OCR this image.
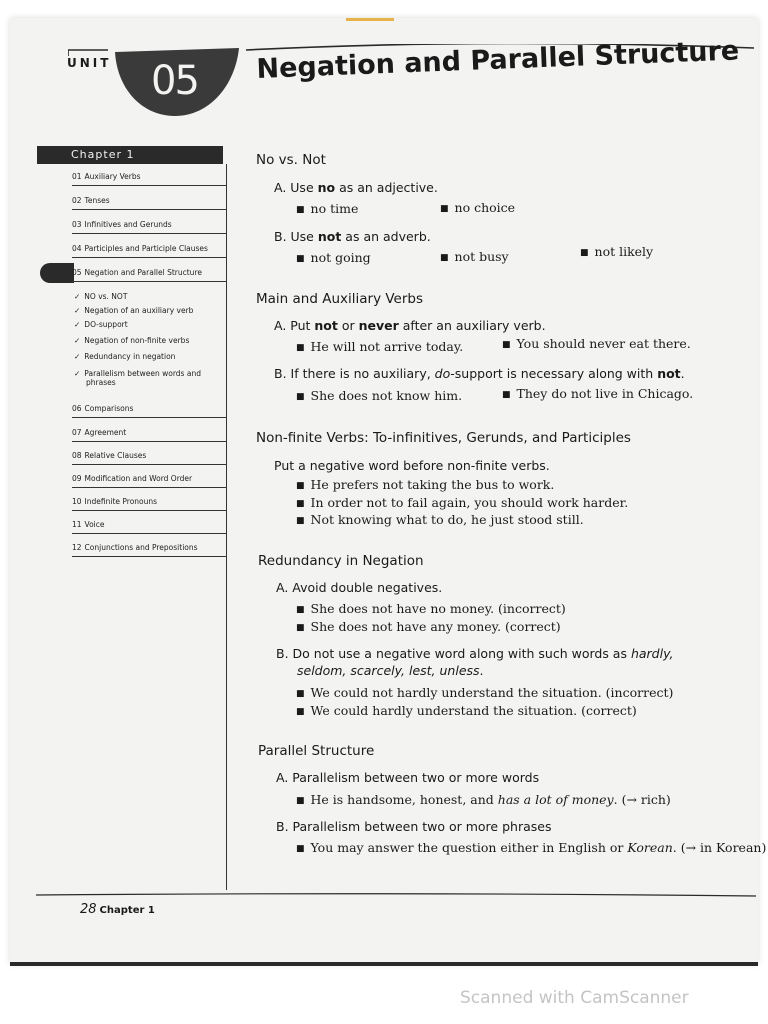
UNIT 05 Negation and Parallel Structure
Chapter 1
01 Auxiliary Verbs
02 Tenses
03 Infinitives and Gerunds
04 Participles and Participle Clauses
05 Negation and Parallel Structure
✓ NO vs. NOT
✓ Negation of an auxiliary verb
✓ DO-support
✓ Negation of non-finite verbs
✓ Redundancy in negation
✓ Parallelism between words and
phrases
06 Comparisons
07 Agreement
08 Relative Clauses
09 Modification and Word Order
10 Indefinite Pronouns
11 Voice
12 Conjunctions and Prepositions
No vs. Not
A. Use no as an adjective.
■ no time	■ no choice
B. Use not as an adverb.
■ not going	■ not busy	■ not likely
Main and Auxiliary Verbs
A. Put not or never after an auxiliary verb.
■ He will not arrive today.	■ You should never eat there.
B. If there is no auxiliary, do-support is necessary along with not.
■ She does not know him.	■ They do not live in Chicago.
Non-finite Verbs: To-infinitives, Gerunds, and Participles
Put a negative word before non-finite verbs.
■ He prefers not taking the bus to work.
■ In order not to fail again, you should work harder.
■ Not knowing what to do, he just stood still.
Redundancy in Negation
A. Avoid double negatives.
■ She does not have no money. (incorrect)
■ She does not have any money. (correct)
B. Do not use a negative word along with such words as hardly,
seldom, scarcely, lest, unless.
■ We could not hardly understand the situation. (incorrect)
■ We could hardly understand the situation. (correct)
Parallel Structure
A. Parallelism between two or more words
■ He is handsome, honest, and has a lot of money. (→ rich)
B. Parallelism between two or more phrases
■ You may answer the question either in English or Korean. (→ in Korean)
28 Chapter 1
Scanned with CamScanner
